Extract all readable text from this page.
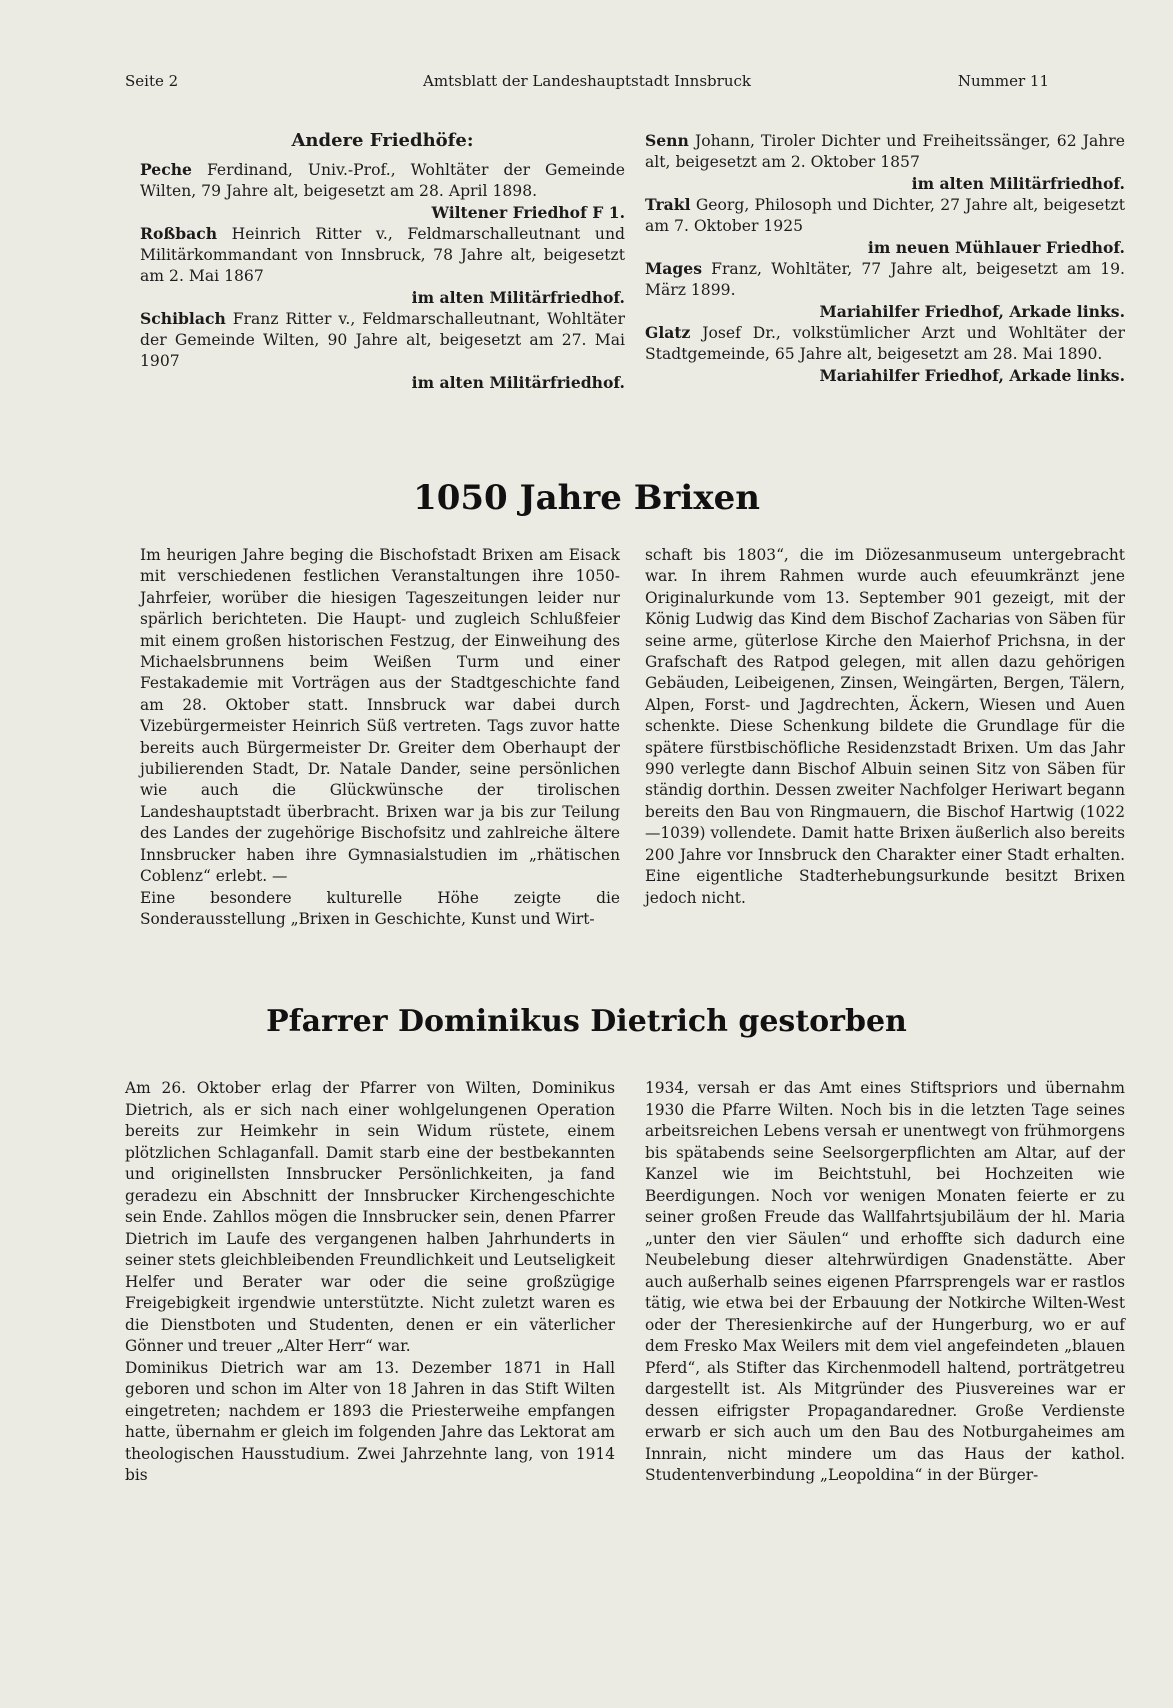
Seite 2	Amtsblatt der Landeshauptstadt Innsbruck	Nummer 11
Andere Friedhöfe:

Peche Ferdinand, Univ.-Prof., Wohltäter der Gemeinde Wilten, 79 Jahre alt, beigesetzt am 28. April 1898.
Wiltener Friedhof F 1.

Roßbach Heinrich Ritter v., Feldmarschalleutnant und Militärkommandant von Innsbruck, 78 Jahre alt, beigesetzt am 2. Mai 1867
im alten Militärfriedhof.

Schiblach Franz Ritter v., Feldmarschalleutnant, Wohltäter der Gemeinde Wilten, 90 Jahre alt, beigesetzt am 27. Mai 1907
im alten Militärfriedhof.

Senn Johann, Tiroler Dichter und Freiheitssänger, 62 Jahre alt, beigesetzt am 2. Oktober 1857
im alten Militärfriedhof.

Trakl Georg, Philosoph und Dichter, 27 Jahre alt, beigesetzt am 7. Oktober 1925
im neuen Mühlauer Friedhof.

Mages Franz, Wohltäter, 77 Jahre alt, beigesetzt am 19. März 1899.
Mariahilfer Friedhof, Arkade links.

Glatz Josef Dr., volkstümlicher Arzt und Wohltäter der Stadtgemeinde, 65 Jahre alt, beigesetzt am 28. Mai 1890.
Mariahilfer Friedhof, Arkade links.

1050 Jahre Brixen

Im heurigen Jahre beging die Bischofstadt Brixen am Eisack mit verschiedenen festlichen Veranstaltungen ihre 1050-Jahrfeier, worüber die hiesigen Tageszeitungen leider nur spärlich berichteten. Die Haupt- und zugleich Schlußfeier mit einem großen historischen Festzug, der Einweihung des Michaelsbrunnens beim Weißen Turm und einer Festakademie mit Vorträgen aus der Stadtgeschichte fand am 28. Oktober statt. Innsbruck war dabei durch Vizebürgermeister Heinrich Süß vertreten. Tags zuvor hatte bereits auch Bürgermeister Dr. Greiter dem Oberhaupt der jubilierenden Stadt, Dr. Natale Dander, seine persönlichen wie auch die Glückwünsche der tirolischen Landeshauptstadt überbracht. Brixen war ja bis zur Teilung des Landes der zugehörige Bischofsitz und zahlreiche ältere Innsbrucker haben ihre Gymnasialstudien im „rhätischen Coblenz“ erlebt. —

Eine besondere kulturelle Höhe zeigte die Sonderausstellung „Brixen in Geschichte, Kunst und Wirt-

schaft bis 1803“, die im Diözesanmuseum untergebracht war. In ihrem Rahmen wurde auch efeuumkränzt jene Originalurkunde vom 13. September 901 gezeigt, mit der König Ludwig das Kind dem Bischof Zacharias von Säben für seine arme, güterlose Kirche den Maierhof Prichsna, in der Grafschaft des Ratpod gelegen, mit allen dazu gehörigen Gebäuden, Leibeigenen, Zinsen, Weingärten, Bergen, Tälern, Alpen, Forst- und Jagdrechten, Äckern, Wiesen und Auen schenkte. Diese Schenkung bildete die Grundlage für die spätere fürstbischöfliche Residenzstadt Brixen. Um das Jahr 990 verlegte dann Bischof Albuin seinen Sitz von Säben für ständig dorthin. Dessen zweiter Nachfolger Heriwart begann bereits den Bau von Ringmauern, die Bischof Hartwig (1022—1039) vollendete. Damit hatte Brixen äußerlich also bereits 200 Jahre vor Innsbruck den Charakter einer Stadt erhalten. Eine eigentliche Stadterhebungsurkunde besitzt Brixen jedoch nicht.

Pfarrer Dominikus Dietrich gestorben

Am 26. Oktober erlag der Pfarrer von Wilten, Dominikus Dietrich, als er sich nach einer wohlgelungenen Operation bereits zur Heimkehr in sein Widum rüstete, einem plötzlichen Schlaganfall. Damit starb eine der bestbekannten und originellsten Innsbrucker Persönlichkeiten, ja fand geradezu ein Abschnitt der Innsbrucker Kirchengeschichte sein Ende. Zahllos mögen die Innsbrucker sein, denen Pfarrer Dietrich im Laufe des vergangenen halben Jahrhunderts in seiner stets gleichbleibenden Freundlichkeit und Leutseligkeit Helfer und Berater war oder die seine großzügige Freigebigkeit irgendwie unterstützte. Nicht zuletzt waren es die Dienstboten und Studenten, denen er ein väterlicher Gönner und treuer „Alter Herr“ war.

Dominikus Dietrich war am 13. Dezember 1871 in Hall geboren und schon im Alter von 18 Jahren in das Stift Wilten eingetreten; nachdem er 1893 die Priesterweihe empfangen hatte, übernahm er gleich im folgenden Jahre das Lektorat am theologischen Hausstudium. Zwei Jahrzehnte lang, von 1914 bis

1934, versah er das Amt eines Stiftspriors und übernahm 1930 die Pfarre Wilten. Noch bis in die letzten Tage seines arbeitsreichen Lebens versah er unentwegt von frühmorgens bis spätabends seine Seelsorgerpflichten am Altar, auf der Kanzel wie im Beichtstuhl, bei Hochzeiten wie Beerdigungen. Noch vor wenigen Monaten feierte er zu seiner großen Freude das Wallfahrtsjubiläum der hl. Maria „unter den vier Säulen“ und erhoffte sich dadurch eine Neubelebung dieser altehrwürdigen Gnadenstätte. Aber auch außerhalb seines eigenen Pfarrsprengels war er rastlos tätig, wie etwa bei der Erbauung der Notkirche Wilten-West oder der Theresienkirche auf der Hungerburg, wo er auf dem Fresko Max Weilers mit dem viel angefeindeten „blauen Pferd“, als Stifter das Kirchenmodell haltend, porträtgetreu dargestellt ist. Als Mitgründer des Piusvereines war er dessen eifrigster Propagandaredner. Große Verdienste erwarb er sich auch um den Bau des Notburgaheimes am Innrain, nicht mindere um das Haus der kathol. Studentenverbindung „Leopoldina“ in der Bürger-
